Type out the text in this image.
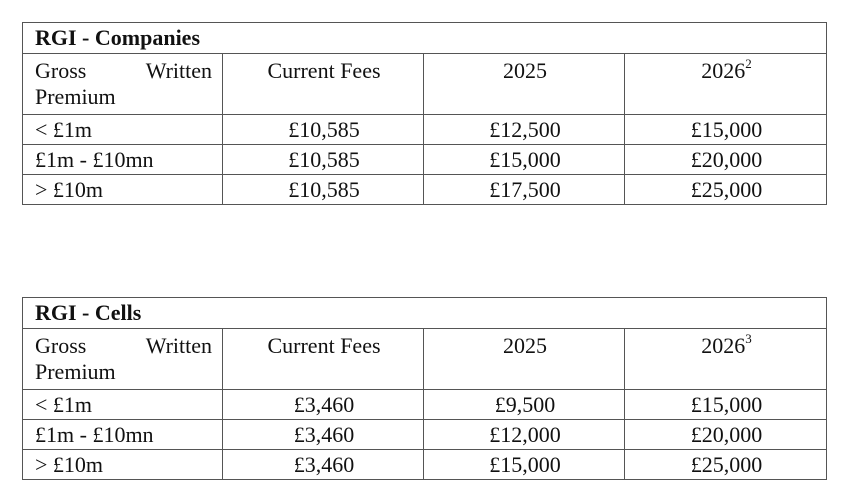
RGI - Companies			

Gross Written
Premium	Current Fees	2025	2026$^2$
< £1m	£10,585	£12,500	£15,000
£1m - £10mn	£10,585	£15,000	£20,000
> £10m	£10,585	£17,500	£25,000
RGI - Cells			

Gross Written
Premium	Current Fees	2025	2026$^3$
< £1m	£3,460	£9,500	£15,000
£1m - £10mn	£3,460	£12,000	£20,000
> £10m	£3,460	£15,000	£25,000
